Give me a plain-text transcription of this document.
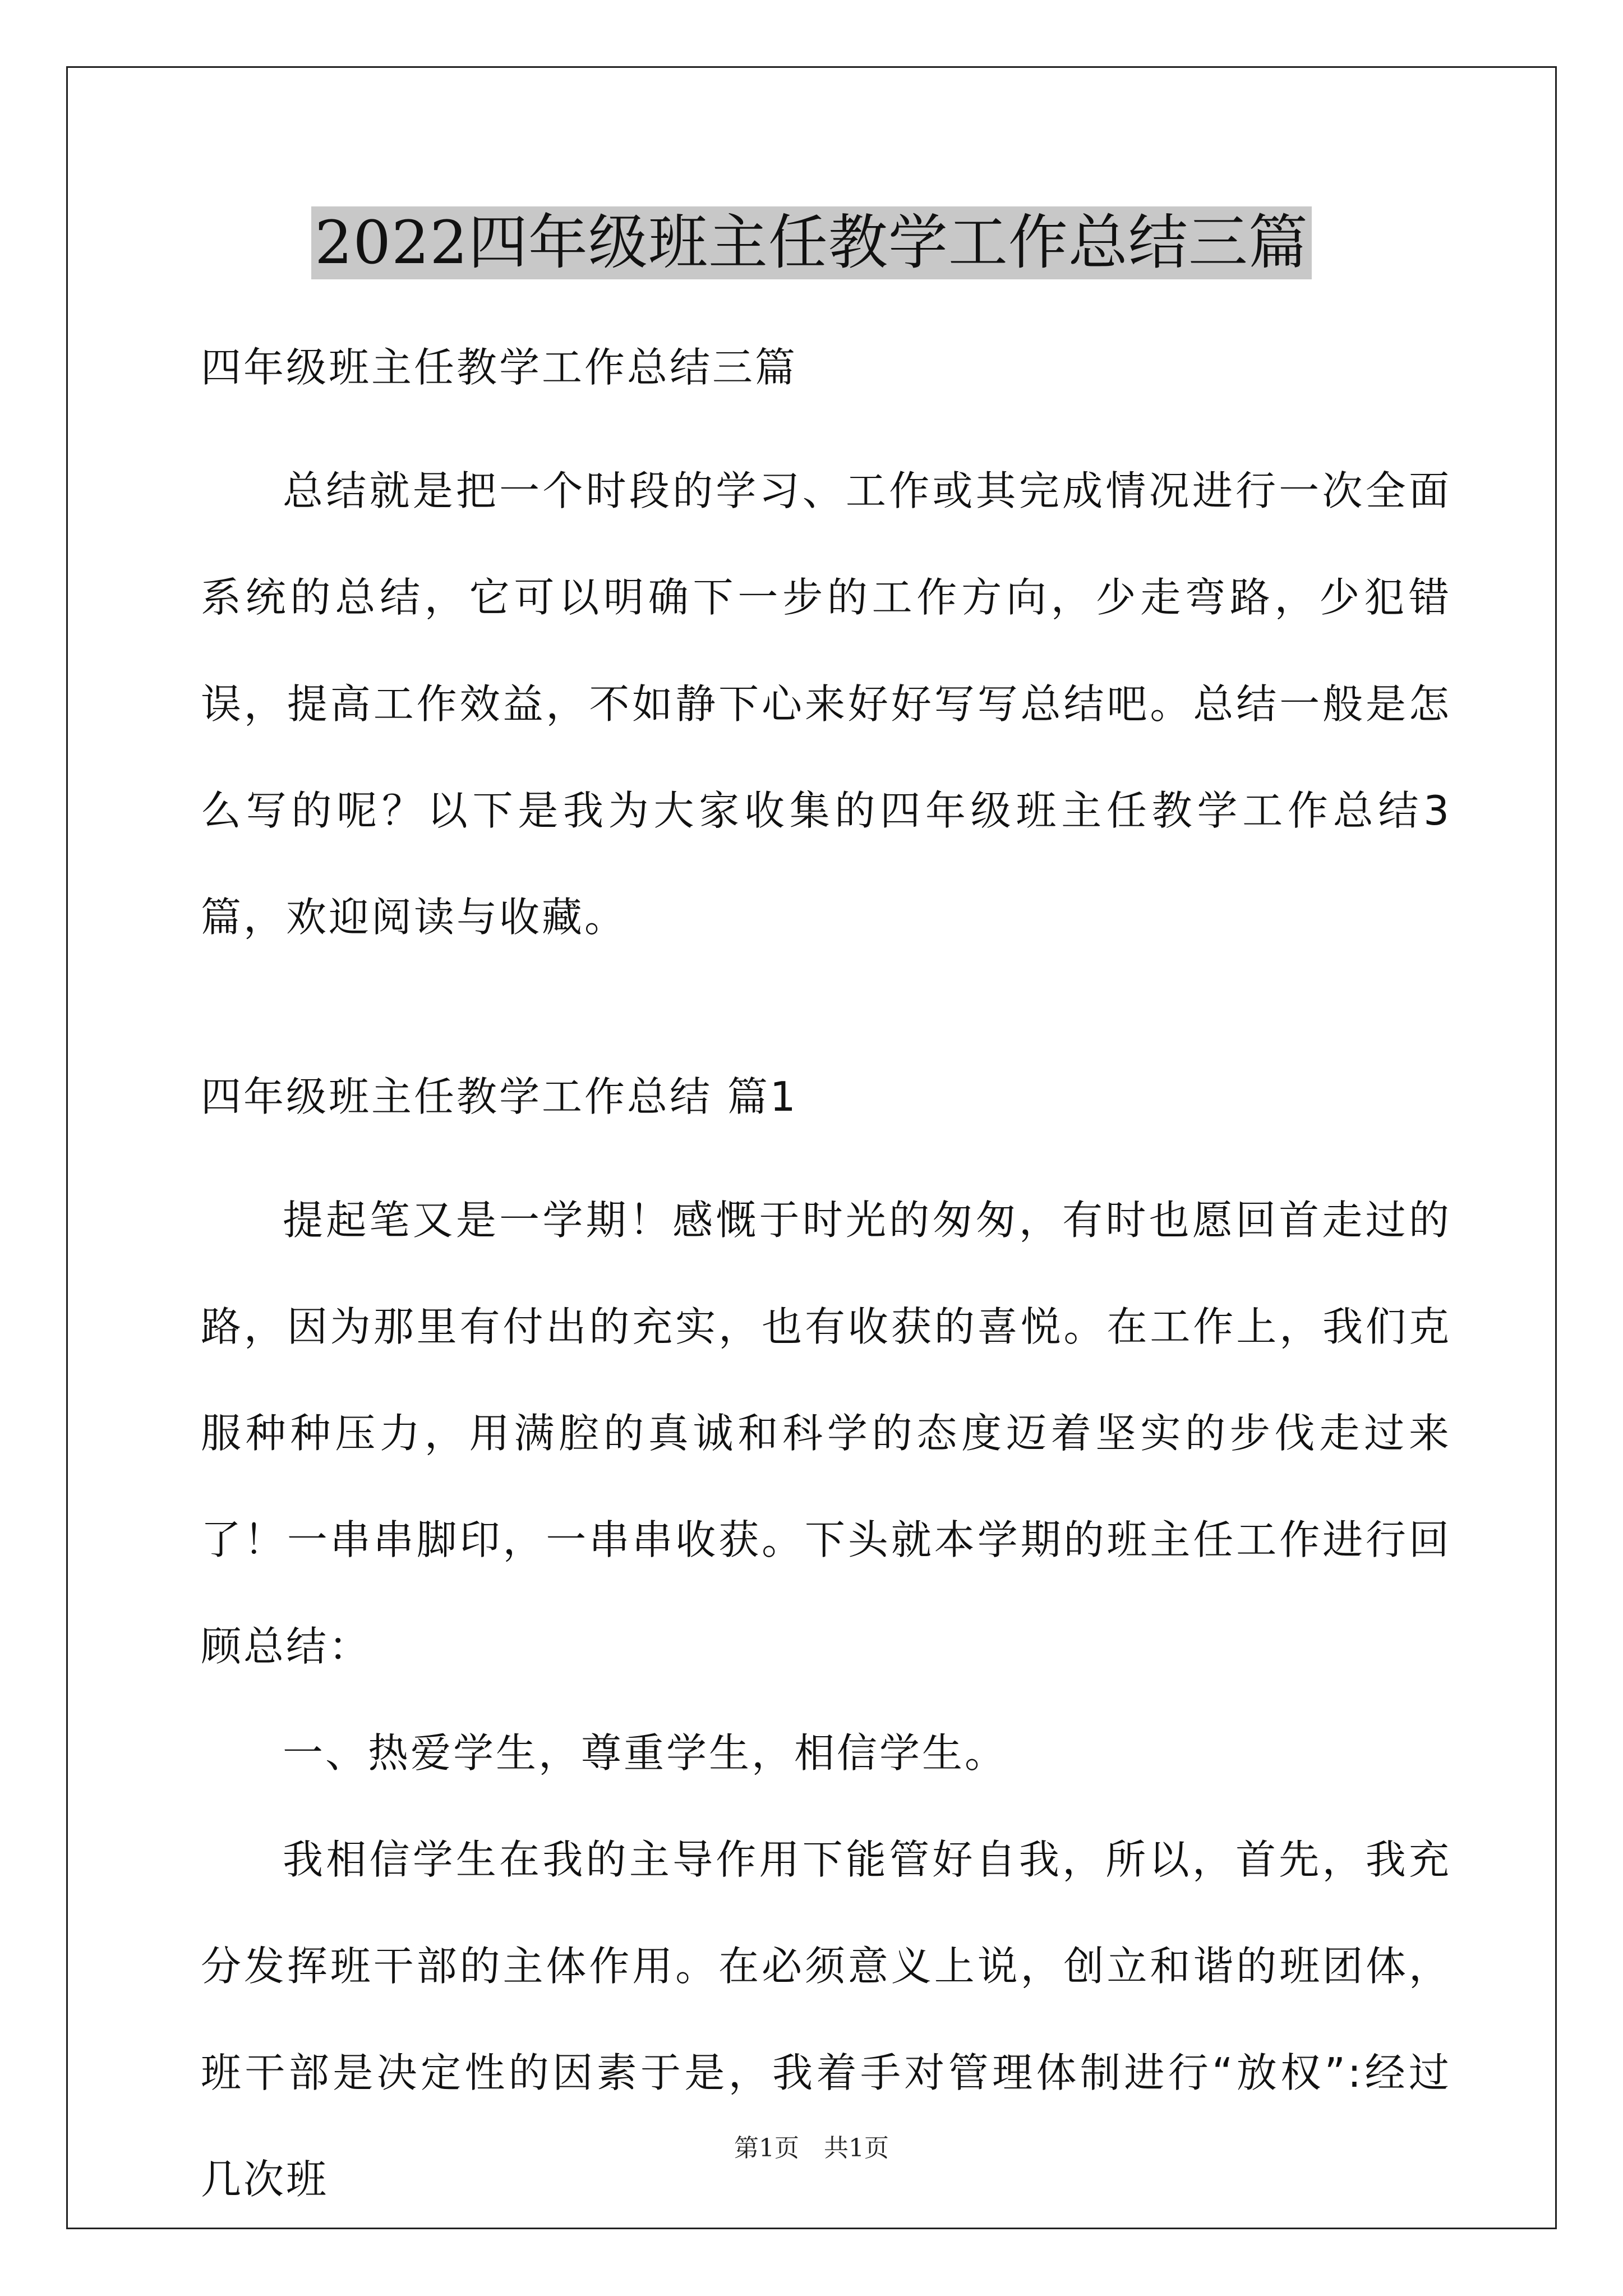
2022四年级班主任教学工作总结三篇

四年级班主任教学工作总结三篇

总结就是把一个时段的学习、工作或其完成情况进行一次全面系统的总结，它可以明确下一步的工作方向，少走弯路，少犯错误，提高工作效益，不如静下心来好好写写总结吧。总结一般是怎么写的呢？以下是我为大家收集的四年级班主任教学工作总结3篇，欢迎阅读与收藏。

四年级班主任教学工作总结 篇1

提起笔又是一学期！感慨于时光的匆匆，有时也愿回首走过的路，因为那里有付出的充实，也有收获的喜悦。在工作上，我们克服种种压力，用满腔的真诚和科学的态度迈着坚实的步伐走过来了！一串串脚印，一串串收获。下头就本学期的班主任工作进行回顾总结：

一、热爱学生，尊重学生，相信学生。

我相信学生在我的主导作用下能管好自我，所以，首先，我充分发挥班干部的主体作用。在必须意义上说，创立和谐的班团体，班干部是决定性的因素于是，我着手对管理体制进行“放权”:经过几次班

第1页　共1页
